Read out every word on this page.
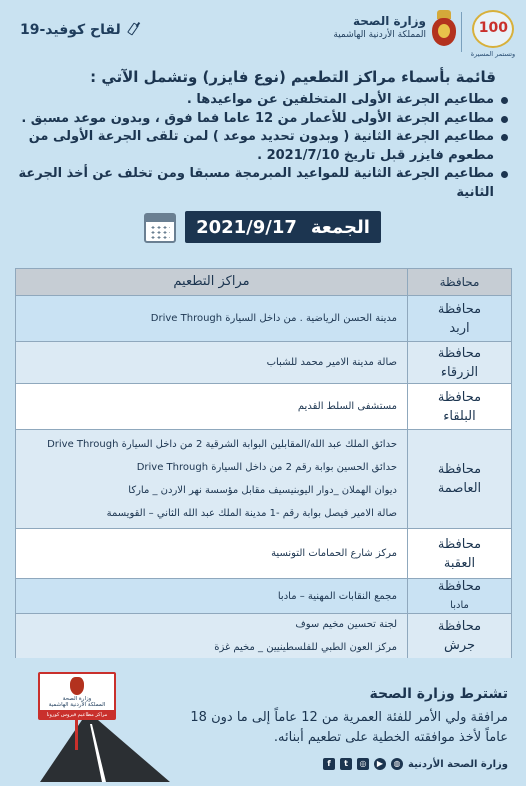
100
وتستمر المسيرة
وزارة الصحة
المملكة الأردنية الهاشمية
لقاح كوفيد-19
قائمة بأسماء مراكز التطعيم (نوع فايزر) وتشمل الآتي :
مطاعيم الجرعة الأولى المتخلفين عن مواعيدها .
مطاعيم الجرعة الأولى للأعمار من 12 عاما فما فوق ، وبدون موعد مسبق .
مطاعيم الجرعة الثانية ( وبدون تحديد موعد ) لمن تلقى الجرعة الأولى من مطعوم فايزر قبل تاريخ 2021/7/10 .
مطاعيم الجرعة الثانية للمواعيد المبرمجة مسبقا ومن تخلف عن أخذ الجرعة الثانية
الجمعة
2021/9/17
محافظة
مراكز التطعيم
محافظة
اربد
مدينة الحسن الرياضية . من داخل السيارة Drive Through
محافظة
الزرقاء
صالة مدينة الامير محمد للشباب
محافظة
البلقاء
مستشفى السلط القديم
محافظة
العاصمة
حدائق الملك عبد الله/المقابلين البوابة الشرقية 2 من داخل السيارة Drive Through
حدائق الحسين بوابة رقم 2 من داخل السيارة Drive Through
ديوان الهملان _دوار اليوبنيسيف مقابل مؤسسة نهر الاردن _ ماركا
صالة الامير فيصل بوابة رقم -1 مدينة الملك عبد الله الثاني – القويسمة
محافظة
العقبة
مركز شارع الحمامات التونسية
محافظة
مادبا
مجمع النقابات المهنية – مادبا
محافظة
جرش
لجنة تحسين مخيم سوف
مركز العون الطبي للفلسطينيين _ مخيم غزة
وزارة الصحة
المملكة الأردنية الهاشمية
مراكز مطاعيم فيروس كورونا
تشترط وزارة الصحة
مرافقة ولي الأمر للفئة العمرية من 12 عاماً إلى ما دون 18 عاماً لأخذ موافقته الخطية على تطعيم أبنائه.
وزارة الصحة الأردنية
◍
▶
◎
t
f
